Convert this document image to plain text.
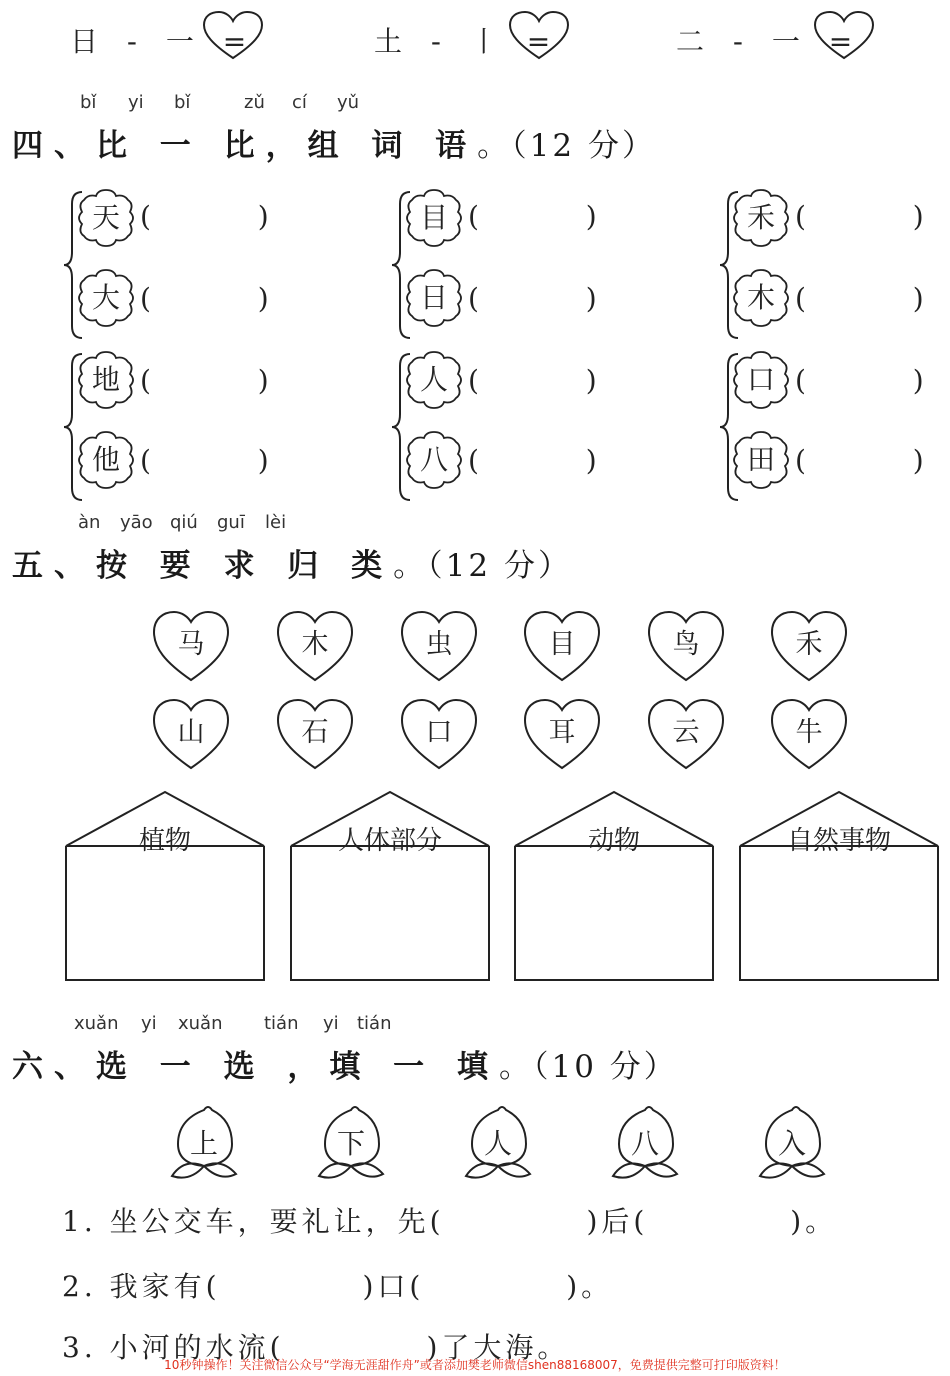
日 - 一 =	土 - 丨 =	二 - 一 =
bǐ yi bǐ	zǔ cí yǔ
四、比 一 比，组 词 语。（12 分）
天 (            )
大 (            )
目 (            )
日 (            )
禾 (            )
木 (            )
地 (            )
他 (            )
人 (            )
八 (            )
口 (            )
田 (            )
àn yāo qiú guī lèi
五、按 要 求 归 类。（12 分）
马	木	虫	目	鸟	禾
山	石	口	耳	云	牛
植物	人体部分	动物	自然事物
xuǎn yi xuǎn tián yi tián
六、选 一 选 ，填 一 填。（10 分）
上	下	人	八	入
1. 坐公交车，要礼让，先(           )后(           )。
2. 我家有(           )口(           )。
3. 小河的水流(           )了大海。
10秒钟操作！关注微信公众号“学海无涯甜作舟”或者添加樊老师微信shen88168007，免费提供完整可打印版资料！
